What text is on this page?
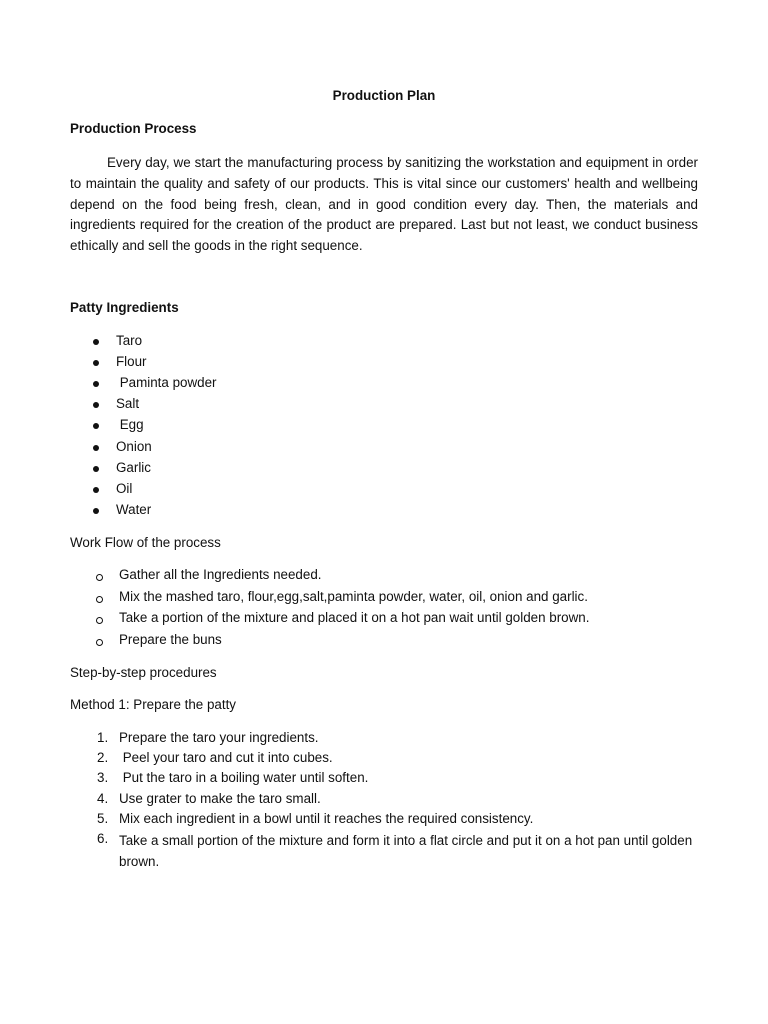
Production Plan
Production Process
Every day, we start the manufacturing process by sanitizing the workstation and equipment in order to maintain the quality and safety of our products. This is vital since our customers' health and wellbeing depend on the food being fresh, clean, and in good condition every day. Then, the materials and ingredients required for the creation of the product are prepared. Last but not least, we conduct business ethically and sell the goods in the right sequence.
Patty Ingredients
Taro
Flour
Paminta powder
Salt
Egg
Onion
Garlic
Oil
Water
Work Flow of the process
Gather all the Ingredients needed.
Mix the mashed taro, flour,egg,salt,paminta powder, water, oil, onion and garlic.
Take a portion of the mixture and placed it on a hot pan wait until golden brown.
Prepare the buns
Step-by-step procedures
Method 1: Prepare the patty
1. Prepare the taro your ingredients.
2. Peel your taro and cut it into cubes.
3. Put the taro in a boiling water until soften.
4. Use grater to make the taro small.
5. Mix each ingredient in a bowl until it reaches the required consistency.
6. Take a small portion of the mixture and form it into a flat circle and put it on a hot pan until golden brown.
